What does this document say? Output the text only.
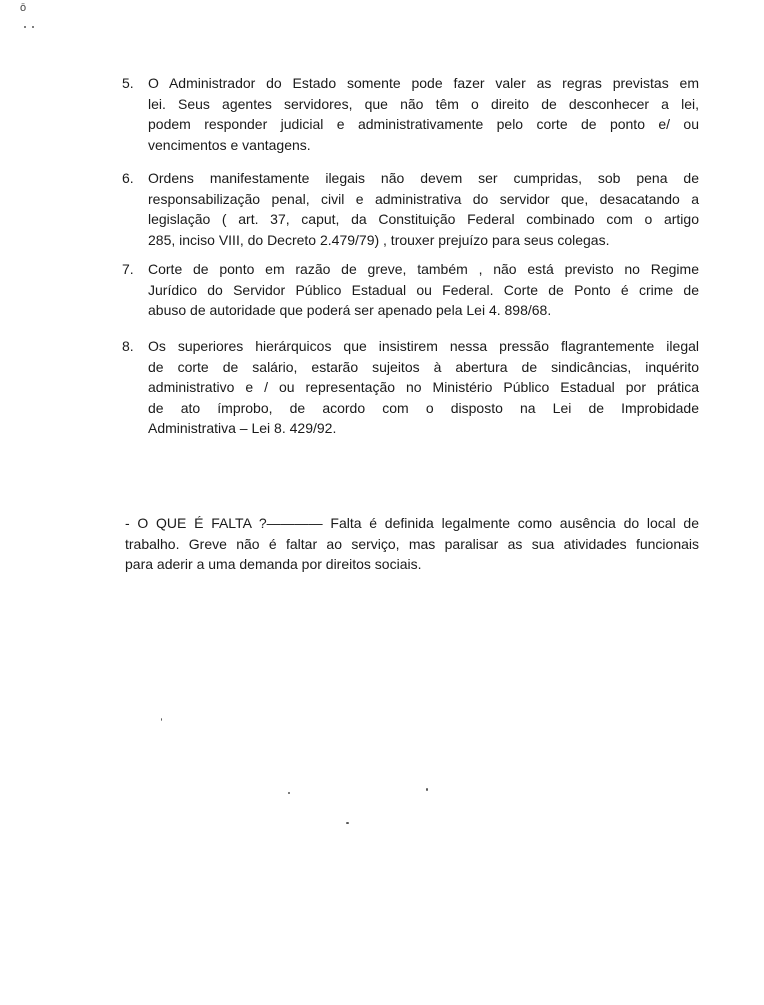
ō
5. O Administrador do Estado somente pode fazer valer as regras previstas em
lei. Seus agentes servidores, que não têm o direito de desconhecer a lei,
podem responder judicial e administrativamente pelo corte de ponto e/ ou
vencimentos e vantagens.
6. Ordens manifestamente ilegais não devem ser cumpridas, sob pena de
responsabilização penal, civil e administrativa do servidor que, desacatando a
legislação ( art. 37, caput, da Constituição Federal combinado com o artigo
285, inciso VIII, do Decreto 2.479/79) , trouxer prejuízo para seus colegas.
7. Corte de ponto em razão de greve, também , não está previsto no Regime
Jurídico do Servidor Público Estadual ou Federal. Corte de Ponto é crime de
abuso de autoridade que poderá ser apenado pela Lei 4. 898/68.
8. Os superiores hierárquicos que insistirem nessa pressão flagrantemente ilegal
de corte de salário, estarão sujeitos à abertura de sindicâncias, inquérito
administrativo e / ou representação no Ministério Público Estadual por prática
de ato ímprobo, de acordo com o disposto na Lei de Improbidade
Administrativa – Lei 8. 429/92.
- O QUE É FALTA ?———— Falta é definida legalmente como ausência do local de
trabalho. Greve não é faltar ao serviço, mas paralisar as sua atividades funcionais
para aderir a uma demanda por direitos sociais.
